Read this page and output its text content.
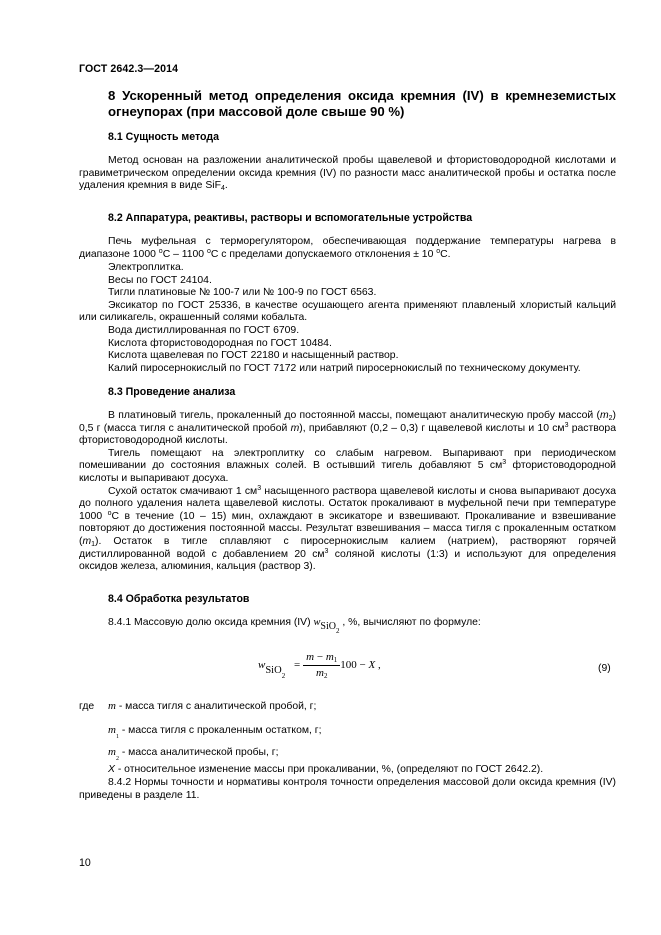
ГОСТ 2642.3—2014
8 Ускоренный метод определения оксида кремния (IV) в кремнеземистых огнеупорах (при массовой доле свыше 90 %)
8.1 Сущность метода

Метод основан на разложении аналитической пробы щавелевой и фтористоводородной кислотами и гравиметрическом определении оксида кремния (IV) по разности масс аналитической пробы и остатка после удаления кремния в виде SiF$_4$.

8.2 Аппаратура, реактивы, растворы и вспомогательные устройства

Печь муфельная с терморегулятором, обеспечивающая поддержание температуры нагрева в диапазоне 1000 $^o$С – 1100 $^o$С с пределами допускаемого отклонения ± 10 $^o$С.

Электроплитка.

Весы по ГОСТ 24104.

Тигли платиновые № 100-7 или № 100-9 по ГОСТ 6563.

Эксикатор по ГОСТ 25336, в качестве осушающего агента применяют плавленый хлористый кальций или силикагель, окрашенный солями кобальта.

Вода дистиллированная по ГОСТ 6709.

Кислота фтористоводородная по ГОСТ 10484.

Кислота щавелевая по ГОСТ 22180 и насыщенный раствор.

Калий пиросернокислый по ГОСТ 7172 или натрий пиросернокислый по техническому документу.

8.3 Проведение анализа

В платиновый тигель, прокаленный до постоянной массы, помещают аналитическую пробу массой $(m_2)$ 0,5 г (масса тигля с аналитической пробой m), прибавляют (0,2 – 0,3) г щавелевой кислоты и 10 $см^3$ раствора фтористоводородной кислоты.

Тигель помещают на электроплитку со слабым нагревом. Выпаривают при периодическом помешивании до состояния влажных солей. В остывший тигель добавляют 5 $см^3$ фтористоводородной кислоты и выпаривают досуха.

Сухой остаток смачивают 1 $см^3$ насыщенного раствора щавелевой кислоты и снова выпаривают досуха до полного удаления налета щавелевой кислоты. Остаток прокаливают в муфельной печи при температуре 1000 $^o$С в течение (10 – 15) мин, охлаждают в эксикаторе и взвешивают. Прокаливание и взвешивание повторяют до достижения постоянной массы. Результат взвешивания – масса тигля с прокаленным остатком $(m_1)$. Остаток в тигле сплавляют с пиросернокислым калием (натрием), растворяют горячей дистиллированной водой с добавлением 20 $см^3$ соляной кислоты (1:3) и используют для определения оксидов железа, алюминия, кальция (раствор 3).

8.4 Обработка результатов
8.4.1 Массовую долю оксида кремния (IV) wSiO$_2$ , %, вычисляют по формуле:
wSiO$_2$ = $\frac{m - m_1}{m_2} 100 - X$ ,	(9)
где m - масса тигля с аналитической пробой, г;
$m_1$ - масса тигля с прокаленным остатком, г;
$m_2$ - масса аналитической пробы, г;
X - относительное изменение массы при прокаливании, %, (определяют по ГОСТ 2642.2).

8.4.2 Нормы точности и нормативы контроля точности определения массовой доли оксида кремния (IV) приведены в разделе 11.

10
